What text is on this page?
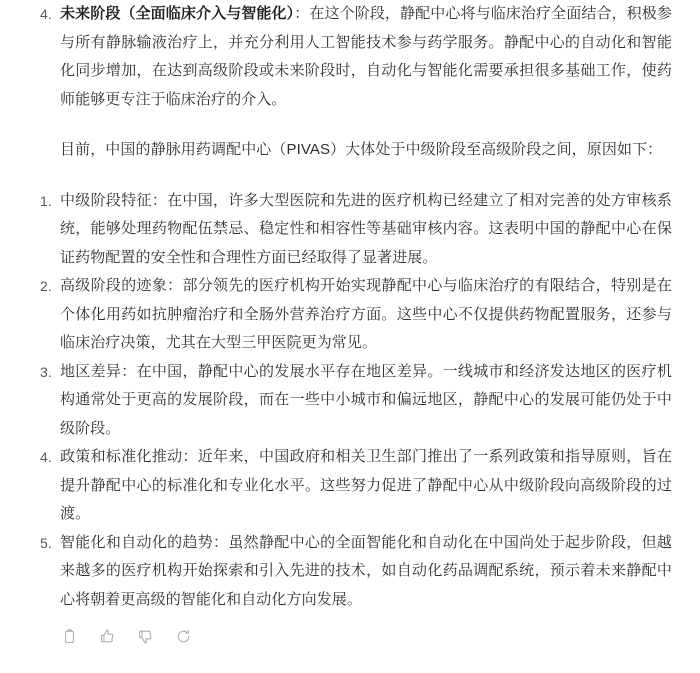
4. 未来阶段（全面临床介入与智能化）：在这个阶段，静配中心将与临床治疗全面结合，积极参与所有静脉输液治疗上，并充分利用人工智能技术参与药学服务。静配中心的自动化和智能化同步增加，在达到高级阶段或未来阶段时，自动化与智能化需要承担很多基础工作，使药师能够更专注于临床治疗的介入。

目前，中国的静脉用药调配中心（PIVAS）大体处于中级阶段至高级阶段之间，原因如下：

1. 中级阶段特征：在中国，许多大型医院和先进的医疗机构已经建立了相对完善的处方审核系统，能够处理药物配伍禁忌、稳定性和相容性等基础审核内容。这表明中国的静配中心在保证药物配置的安全性和合理性方面已经取得了显著进展。
2. 高级阶段的迹象：部分领先的医疗机构开始实现静配中心与临床治疗的有限结合，特别是在个体化用药如抗肿瘤治疗和全肠外营养治疗方面。这些中心不仅提供药物配置服务，还参与临床治疗决策，尤其在大型三甲医院更为常见。
3. 地区差异：在中国，静配中心的发展水平存在地区差异。一线城市和经济发达地区的医疗机构通常处于更高的发展阶段，而在一些中小城市和偏远地区，静配中心的发展可能仍处于中级阶段。
4. 政策和标准化推动：近年来，中国政府和相关卫生部门推出了一系列政策和指导原则，旨在提升静配中心的标准化和专业化水平。这些努力促进了静配中心从中级阶段向高级阶段的过渡。
5. 智能化和自动化的趋势：虽然静配中心的全面智能化和自动化在中国尚处于起步阶段，但越来越多的医疗机构开始探索和引入先进的技术，如自动化药品调配系统，预示着未来静配中心将朝着更高级的智能化和自动化方向发展。
